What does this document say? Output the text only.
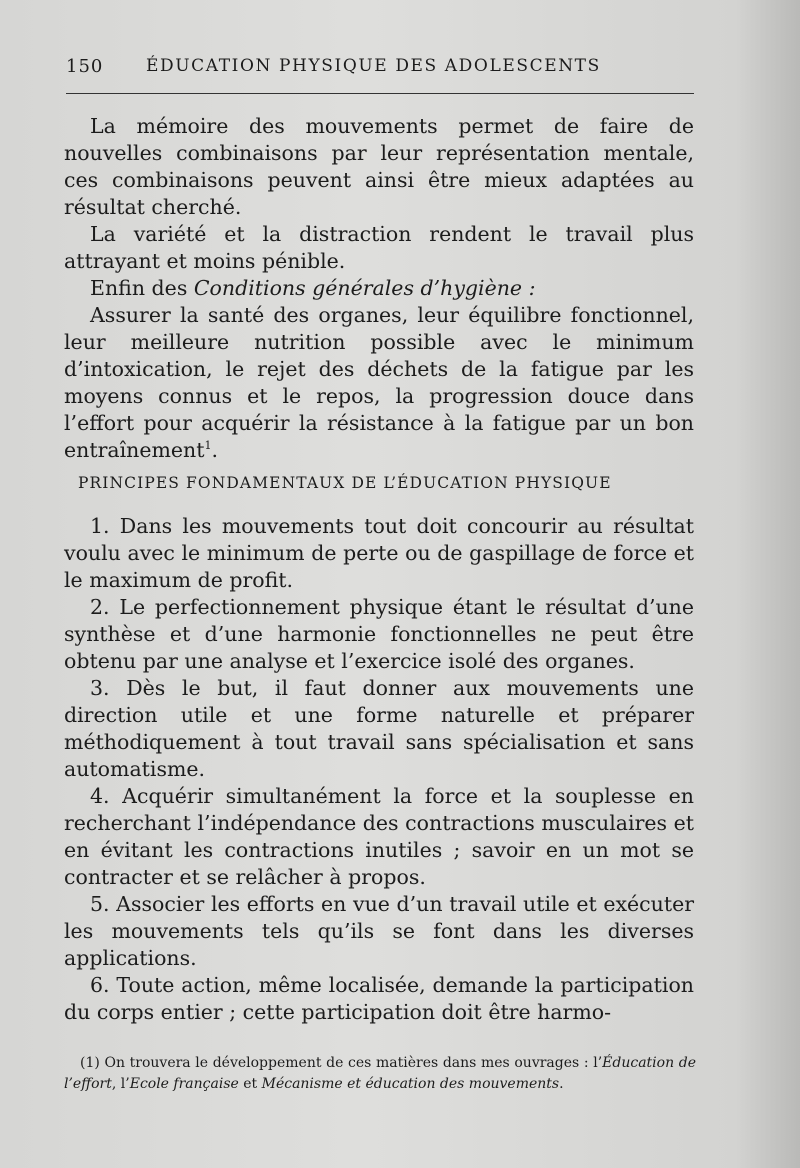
150	ÉDUCATION PHYSIQUE DES ADOLESCENTS

La mémoire des mouvements permet de faire de nouvelles combinaisons par leur représentation mentale, ces combinaisons peuvent ainsi être mieux adaptées au résultat cherché.

La variété et la distraction rendent le travail plus attrayant et moins pénible.

Enfin des Conditions générales d’hygiène :

Assurer la santé des organes, leur équilibre fonctionnel, leur meilleure nutrition possible avec le minimum d’intoxication, le rejet des déchets de la fatigue par les moyens connus et le repos, la progression douce dans l’effort pour acquérir la résistance à la fatigue par un bon entraînement$^1$.

PRINCIPES FONDAMENTAUX DE L’ÉDUCATION PHYSIQUE

1. Dans les mouvements tout doit concourir au résultat voulu avec le minimum de perte ou de gaspillage de force et le maximum de profit.

2. Le perfectionnement physique étant le résultat d’une synthèse et d’une harmonie fonctionnelles ne peut être obtenu par une analyse et l’exercice isolé des organes.

3. Dès le but, il faut donner aux mouvements une direction utile et une forme naturelle et préparer méthodiquement à tout travail sans spécialisation et sans automatisme.

4. Acquérir simultanément la force et la souplesse en recherchant l’indépendance des contractions musculaires et en évitant les contractions inutiles ; savoir en un mot se contracter et se relâcher à propos.

5. Associer les efforts en vue d’un travail utile et exécuter les mouvements tels qu’ils se font dans les diverses applications.

6. Toute action, même localisée, demande la participation du corps entier ; cette participation doit être harmo-

(1) On trouvera le développement de ces matières dans mes ouvrages : l’Éducation de l’effort, l’Ecole française et Mécanisme et éducation des mouvements.
